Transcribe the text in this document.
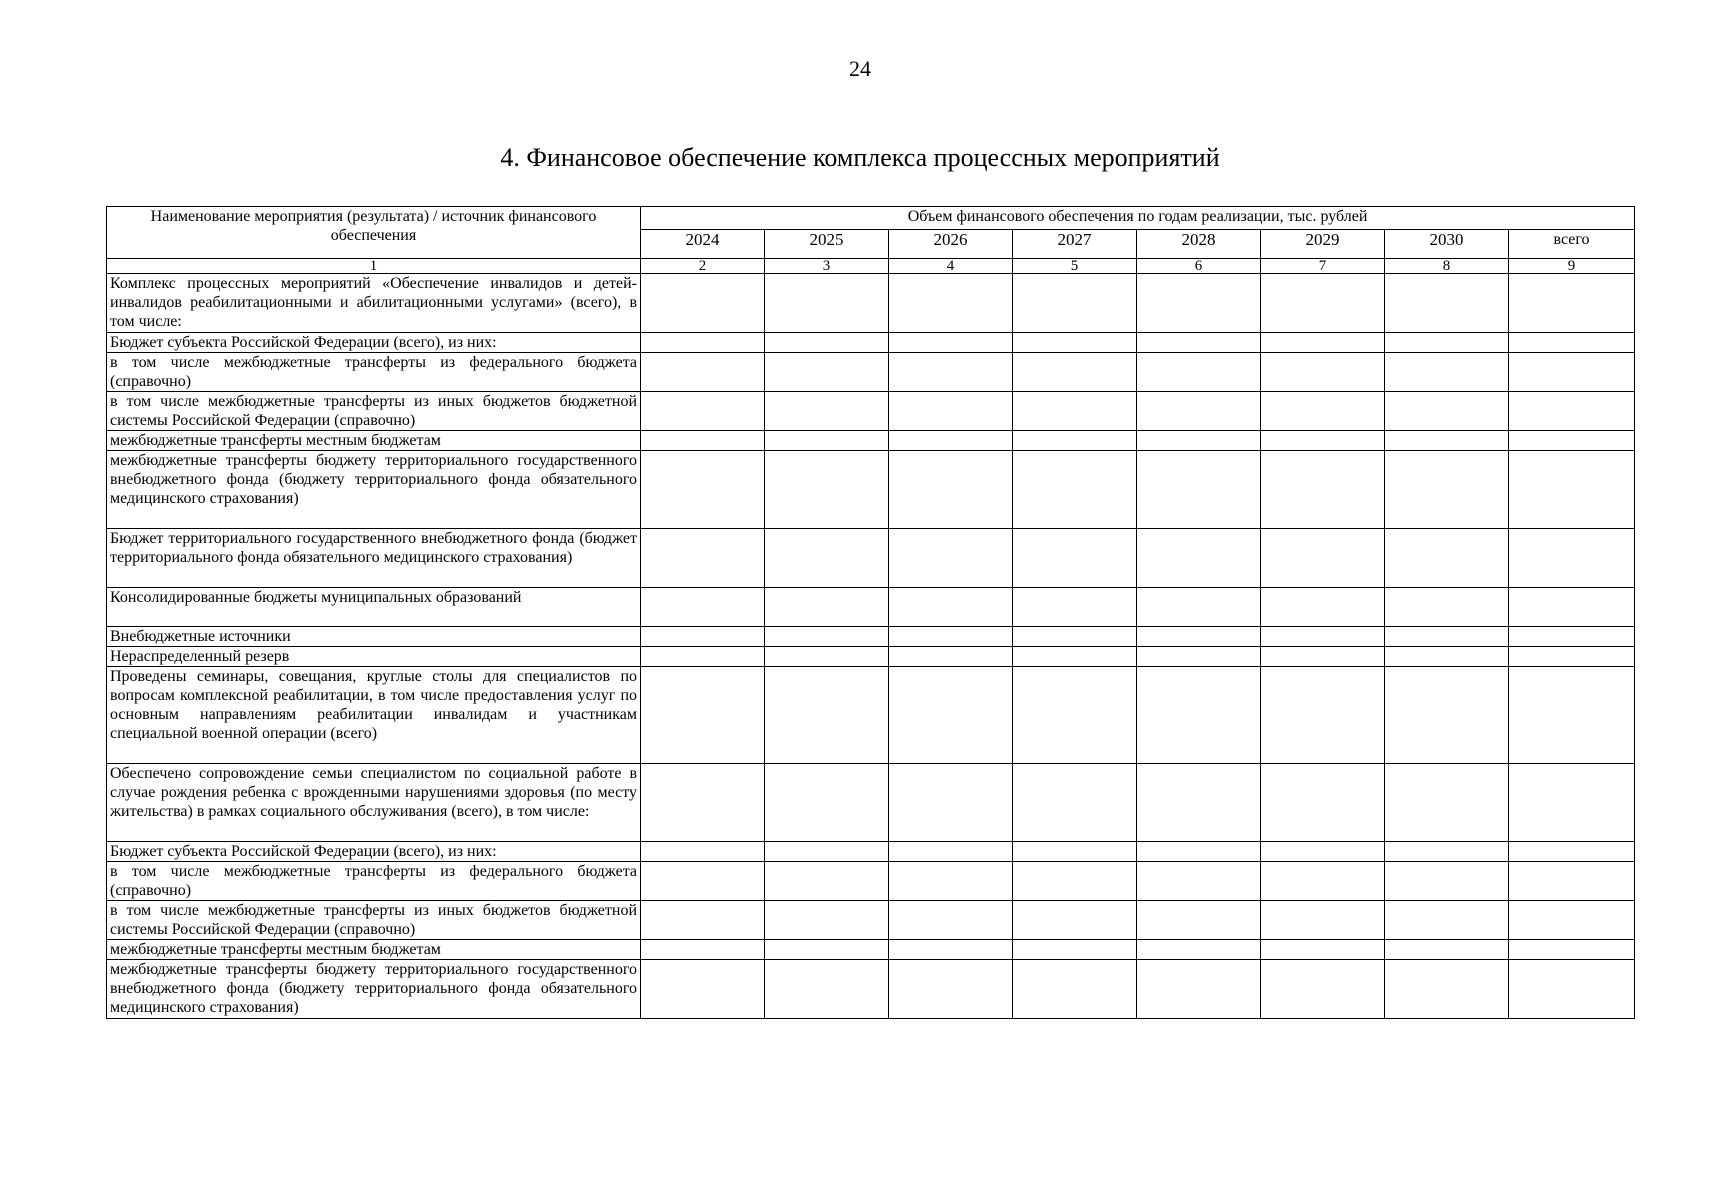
24
4. Финансовое обеспечение комплекса процессных мероприятий
Наименование мероприятия (результата) / источник финансового обеспечения	Объем финансового обеспечения по годам реализации, тыс. рублей							
	2024	2025	2026	2027	2028	2029	2030	всего
1	2	3	4	5	6	7	8	9
Комплекс процессных мероприятий «Обеспечение инвалидов и детей-инвалидов реабилитационными и абилитационными услугами» (всего), в том числе:								
Бюджет субъекта Российской Федерации (всего), из них:								
в том числе межбюджетные трансферты из федерального бюджета (справочно)								
в том числе межбюджетные трансферты из иных бюджетов бюджетной системы Российской Федерации (справочно)								
межбюджетные трансферты местным бюджетам								
межбюджетные трансферты бюджету территориального государственного внебюджетного фонда (бюджету территориального фонда обязательного медицинского страхования)								
Бюджет территориального государственного внебюджетного фонда (бюджет территориального фонда обязательного медицинского страхования)								
Консолидированные бюджеты муниципальных образований								
Внебюджетные источники								
Нераспределенный резерв								
Проведены семинары, совещания, круглые столы для специалистов по вопросам комплексной реабилитации, в том числе предоставления услуг по основным направлениям реабилитации инвалидам и участникам специальной военной операции (всего)								
Обеспечено сопровождение семьи специалистом по социальной работе в случае рождения ребенка с врожденными нарушениями здоровья (по месту жительства) в рамках социального обслуживания (всего), в том числе:								
Бюджет субъекта Российской Федерации (всего), из них:								
в том числе межбюджетные трансферты из федерального бюджета (справочно)								
в том числе межбюджетные трансферты из иных бюджетов бюджетной системы Российской Федерации (справочно)								
межбюджетные трансферты местным бюджетам								
межбюджетные трансферты бюджету территориального государственного внебюджетного фонда (бюджету территориального фонда обязательного медицинского страхования)								
